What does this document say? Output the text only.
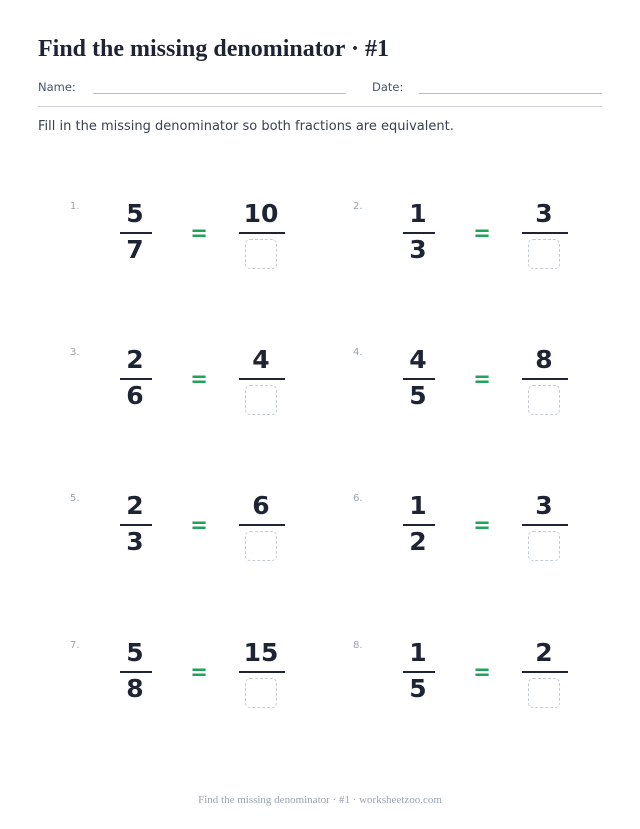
Find the missing denominator · #1
Name:	Date:
Fill in the missing denominator so both fractions are equivalent.
1.	5
7
=
10	2.	1
3
=
3
3.	2
6
=
4	4.	4
5
=
8
5.	2
3
=
6	6.	1
2
=
3
7.	5
8
=
15	8.	1
5
=
2
Find the missing denominator · #1 · worksheetzoo.com
